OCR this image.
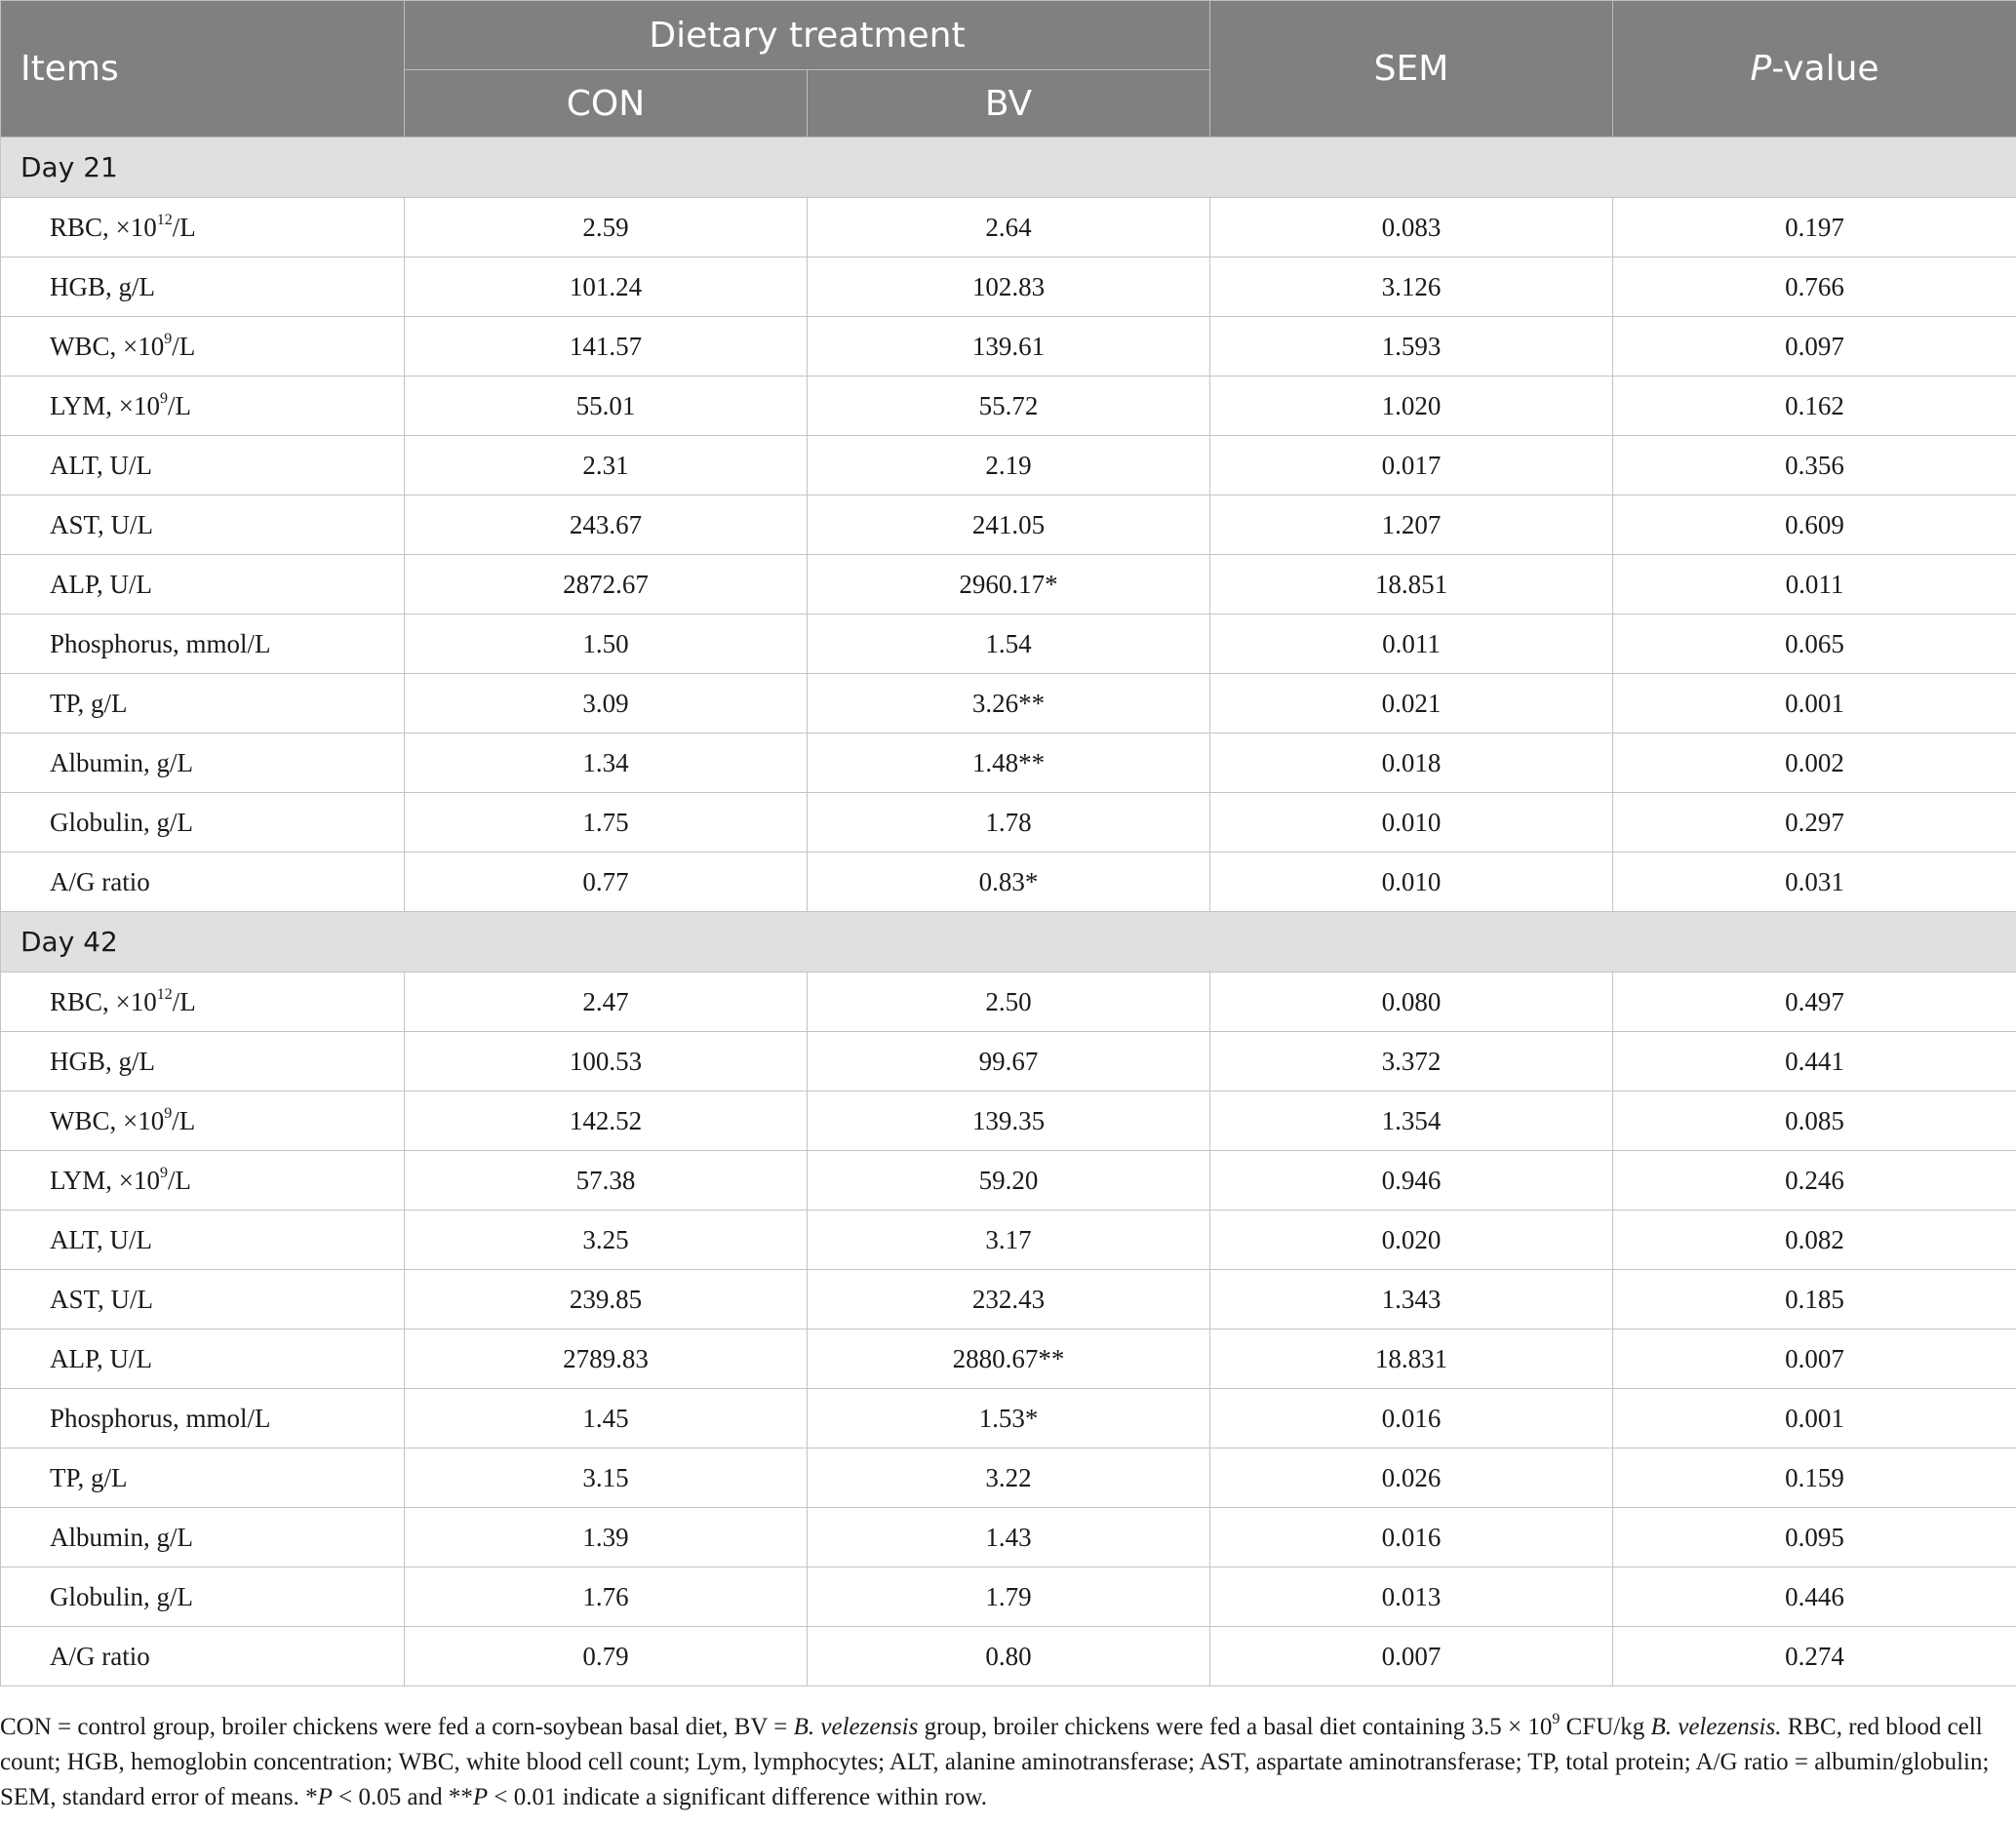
Items	Dietary treatment		SEM	P-value
	CON	BV		
Day 21				
RBC, $\times 10^{12}/L$	2.59	2.64	0.083	0.197
HGB, g/L	101.24	102.83	3.126	0.766
WBC, $\times 10^9/L$	141.57	139.61	1.593	0.097
LYM, $\times 10^9/L$	55.01	55.72	1.020	0.162
ALT, U/L	2.31	2.19	0.017	0.356
AST, U/L	243.67	241.05	1.207	0.609
ALP, U/L	2872.67	2960.17*	18.851	0.011
Phosphorus, mmol/L	1.50	1.54	0.011	0.065
TP, g/L	3.09	3.26**	0.021	0.001
Albumin, g/L	1.34	1.48**	0.018	0.002
Globulin, g/L	1.75	1.78	0.010	0.297
A/G ratio	0.77	0.83*	0.010	0.031
Day 42				
RBC, $\times 10^{12}/L$	2.47	2.50	0.080	0.497
HGB, g/L	100.53	99.67	3.372	0.441
WBC, $\times 10^9/L$	142.52	139.35	1.354	0.085
LYM, $\times 10^9/L$	57.38	59.20	0.946	0.246
ALT, U/L	3.25	3.17	0.020	0.082
AST, U/L	239.85	232.43	1.343	0.185
ALP, U/L	2789.83	2880.67**	18.831	0.007
Phosphorus, mmol/L	1.45	1.53*	0.016	0.001
TP, g/L	3.15	3.22	0.026	0.159
Albumin, g/L	1.39	1.43	0.016	0.095
Globulin, g/L	1.76	1.79	0.013	0.446
A/G ratio	0.79	0.80	0.007	0.274
CON = control group, broiler chickens were fed a corn-soybean basal diet, BV = B. velezensis group, broiler chickens were fed a basal diet containing $3.5 \times 10^9$ CFU/kg B. velezensis. RBC, red blood cell count; HGB, hemoglobin concentration; WBC, white blood cell count; Lym, lymphocytes; ALT, alanine aminotransferase; AST, aspartate aminotransferase; TP, total protein; A/G ratio = albumin/globulin; SEM, standard error of means. *P < 0.05 and **P < 0.01 indicate a significant difference within row.
